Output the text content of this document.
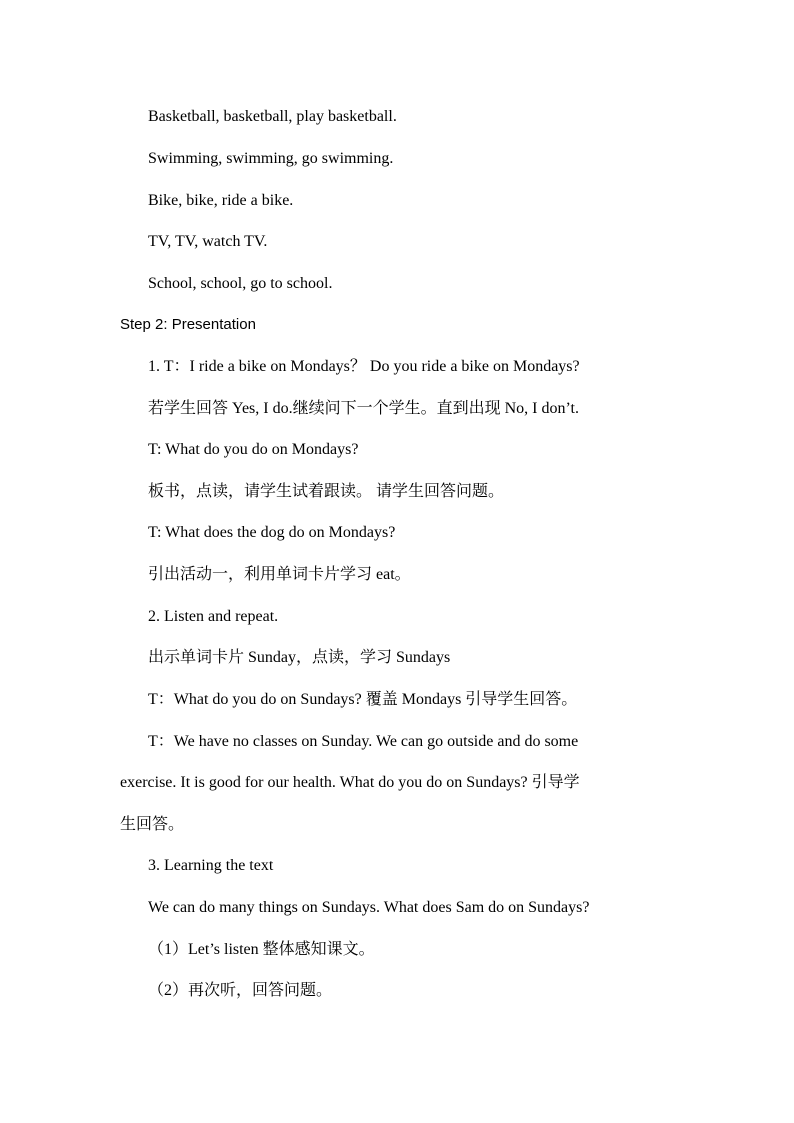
Basketball, basketball, play basketball.
Swimming, swimming, go swimming.
Bike, bike, ride a bike.
TV, TV, watch TV.
School, school, go to school.
Step 2: Presentation
1. T：I ride a bike on Mondays？ Do you ride a bike on Mondays?
若学生回答 Yes, I do.继续问下一个学生。直到出现 No, I don’t.
T: What do you do on Mondays?
板书，点读，请学生试着跟读。 请学生回答问题。
T: What does the dog do on Mondays?
引出活动一，利用单词卡片学习 eat。
2. Listen and repeat.
出示单词卡片 Sunday，点读，学习 Sundays
T：What do you do on Sundays? 覆盖 Mondays 引导学生回答。
T：We have no classes on Sunday. We can go outside and do some
exercise. It is good for our health. What do you do on Sundays? 引导学
生回答。
3. Learning the text
We can do many things on Sundays. What does Sam do on Sundays?
（1）Let’s listen 整体感知课文。
（2）再次听，回答问题。
